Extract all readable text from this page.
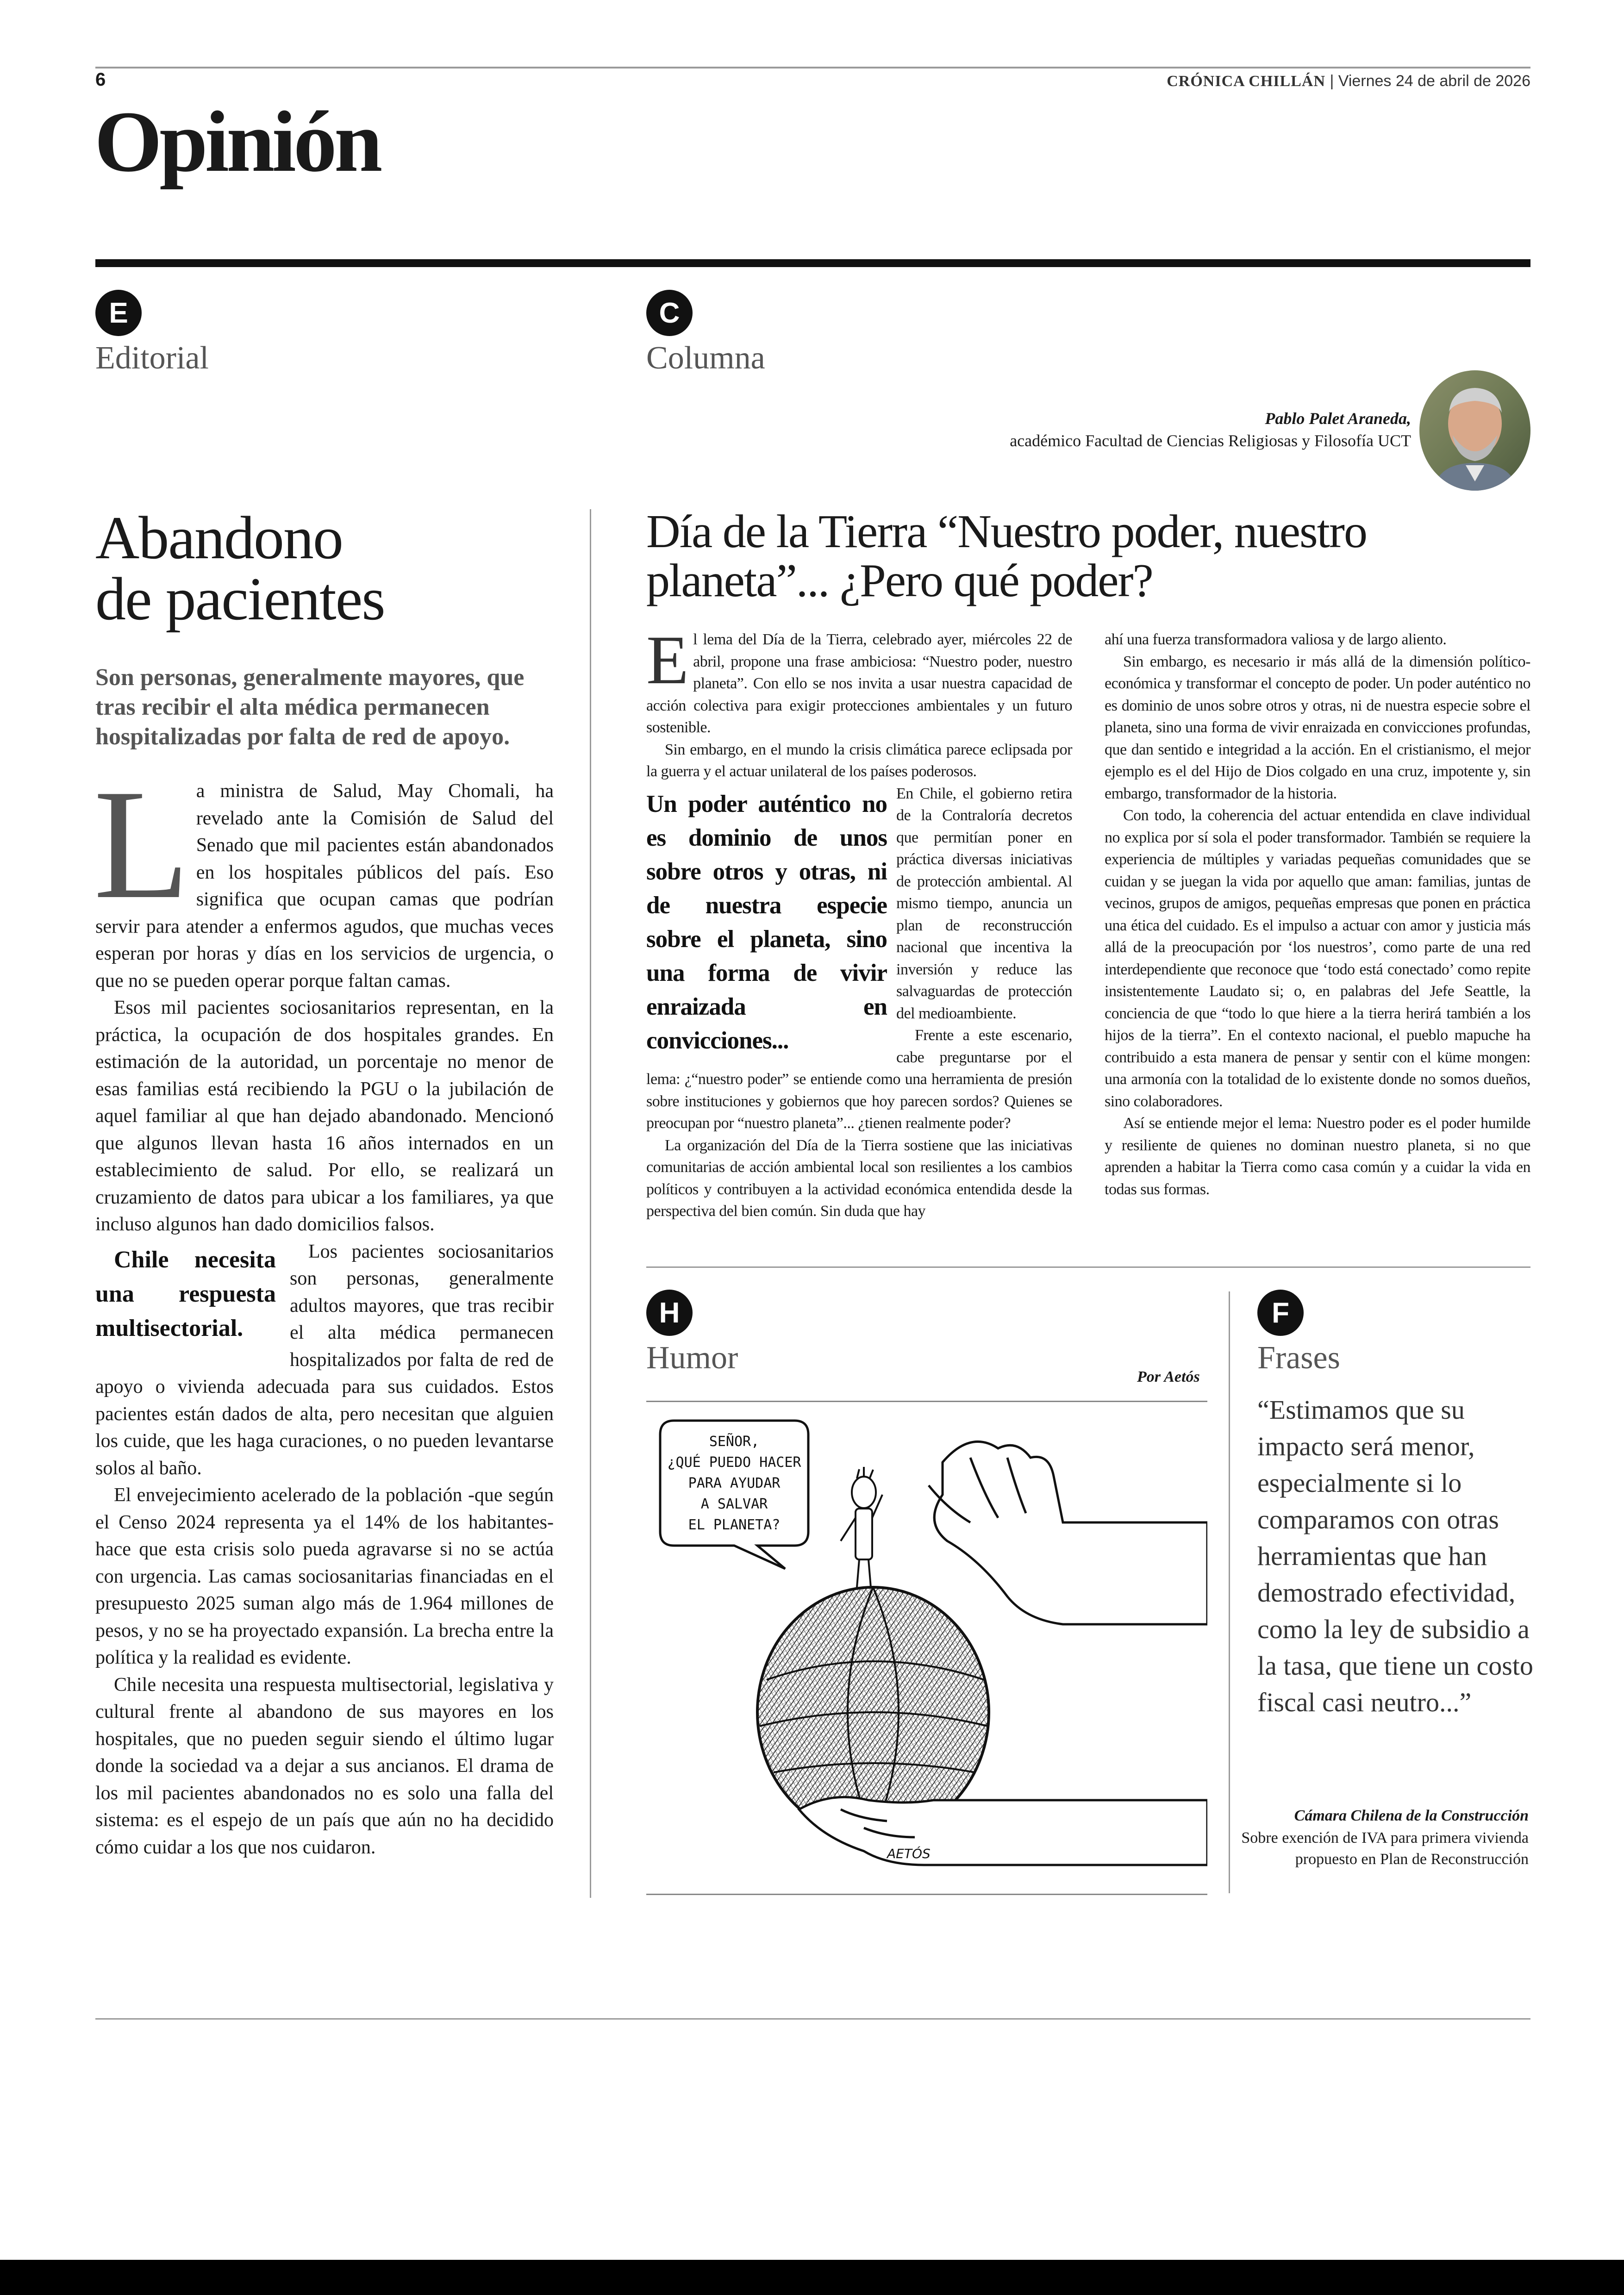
6	CRÓNICA CHILLÁN | Viernes 24 de abril de 2026
Opinión
E
Editorial
C
Columna
Pablo Palet Araneda,
académico Facultad de Ciencias Religiosas y Filosofía UCT
Abandono
de pacientes
Son personas, generalmente mayores, que tras recibir el alta médica permanecen hospitalizadas por falta de red de apoyo.

La ministra de Salud, May Chomali, ha revelado ante la Comisión de Salud del Senado que mil pacientes están abandonados en los hospitales públicos del país. Eso significa que ocupan camas que podrían servir para atender a enfermos agudos, que muchas veces esperan por horas y días en los servicios de urgencia, o que no se pueden operar porque faltan camas.

Esos mil pacientes sociosanitarios representan, en la práctica, la ocupación de dos hospitales grandes. En estimación de la autoridad, un porcentaje no menor de esas familias está recibiendo la PGU o la jubilación de aquel familiar al que han dejado abandonado. Mencionó que algunos llevan hasta 16 años internados en un establecimiento de salud. Por ello, se realizará un cruzamiento de datos para ubicar a los familiares, ya que incluso algunos han dado domicilios falsos.

Chile necesita una respuesta multisectorial.
Los pacientes sociosanitarios son personas, generalmente adultos mayores, que tras recibir el alta médica permanecen hospitalizados por falta de red de apoyo o vivienda adecuada para sus cuidados. Estos pacientes están dados de alta, pero necesitan que alguien los cuide, que les haga curaciones, o no pueden levantarse solos al baño.

El envejecimiento acelerado de la población -que según el Censo 2024 representa ya el 14% de los habitantes- hace que esta crisis solo pueda agravarse si no se actúa con urgencia. Las camas sociosanitarias financiadas en el presupuesto 2025 suman algo más de 1.964 millones de pesos, y no se ha proyectado expansión. La brecha entre la política y la realidad es evidente.

Chile necesita una respuesta multisectorial, legislativa y cultural frente al abandono de sus mayores en los hospitales, que no pueden seguir siendo el último lugar donde la sociedad va a dejar a sus ancianos. El drama de los mil pacientes abandonados no es solo una falla del sistema: es el espejo de un país que aún no ha decidido cómo cuidar a los que nos cuidaron.

Día de la Tierra “Nuestro poder, nuestro planeta”... ¿Pero qué poder?

El lema del Día de la Tierra, celebrado ayer, miércoles 22 de abril, propone una frase ambiciosa: “Nuestro poder, nuestro planeta”. Con ello se nos invita a usar nuestra capacidad de acción colectiva para exigir protecciones ambientales y un futuro sostenible.

Sin embargo, en el mundo la crisis climática parece eclipsada por la guerra y el actuar unilateral de los países poderosos.

Un poder auténtico no es dominio de unos sobre otros y otras, ni de nuestra especie sobre el planeta, sino una forma de vivir enraizada en convicciones...
En Chile, el gobierno retira de la Contraloría decretos que permitían poner en práctica diversas iniciativas de protección ambiental. Al mismo tiempo, anuncia un plan de reconstrucción nacional que incentiva la inversión y reduce las salvaguardas de protección del medioambiente.

Frente a este escenario, cabe preguntarse por el lema: ¿“nuestro poder” se entiende como una herramienta de presión sobre instituciones y gobiernos que hoy parecen sordos? Quienes se preocupan por “nuestro planeta”... ¿tienen realmente poder?

La organización del Día de la Tierra sostiene que las iniciativas comunitarias de acción ambiental local son resilientes a los cambios políticos y contribuyen a la actividad económica entendida desde la perspectiva del bien común. Sin duda que hay

ahí una fuerza transformadora valiosa y de largo aliento.

Sin embargo, es necesario ir más allá de la dimensión político-económica y transformar el concepto de poder. Un poder auténtico no es dominio de unos sobre otros y otras, ni de nuestra especie sobre el planeta, sino una forma de vivir enraizada en convicciones profundas, que dan sentido e integridad a la acción. En el cristianismo, el mejor ejemplo es el del Hijo de Dios colgado en una cruz, impotente y, sin embargo, transformador de la historia.

Con todo, la coherencia del actuar entendida en clave individual no explica por sí sola el poder transformador. También se requiere la experiencia de múltiples y variadas pequeñas comunidades que se cuidan y se juegan la vida por aquello que aman: familias, juntas de vecinos, grupos de amigos, pequeñas empresas que ponen en práctica una ética del cuidado. Es el impulso a actuar con amor y justicia más allá de la preocupación por ‘los nuestros’, como parte de una red interdependiente que reconoce que ‘todo está conectado’ como repite insistentemente Laudato si; o, en palabras del Jefe Seattle, la conciencia de que “todo lo que hiere a la tierra herirá también a los hijos de la tierra”. En el contexto nacional, el pueblo mapuche ha contribuido a esta manera de pensar y sentir con el küme mongen: una armonía con la totalidad de lo existente donde no somos dueños, sino colaboradores.

Así se entiende mejor el lema: Nuestro poder es el poder humilde y resiliente de quienes no dominan nuestro planeta, si no que aprenden a habitar la Tierra como casa común y a cuidar la vida en todas sus formas.

H
Humor
Por Aetós
SEÑOR,
¿QUÉ PUEDO HACER
PARA AYUDAR
A SALVAR
EL PLANETA?
AETÓS
F
Frases
“Estimamos que su impacto será menor, especialmente si lo comparamos con otras herramientas que han demostrado efectividad, como la ley de subsidio a la tasa, que tiene un costo fiscal casi neutro...”
Cámara Chilena de la Construcción
Sobre exención de IVA para primera vivienda propuesto en Plan de Reconstrucción
